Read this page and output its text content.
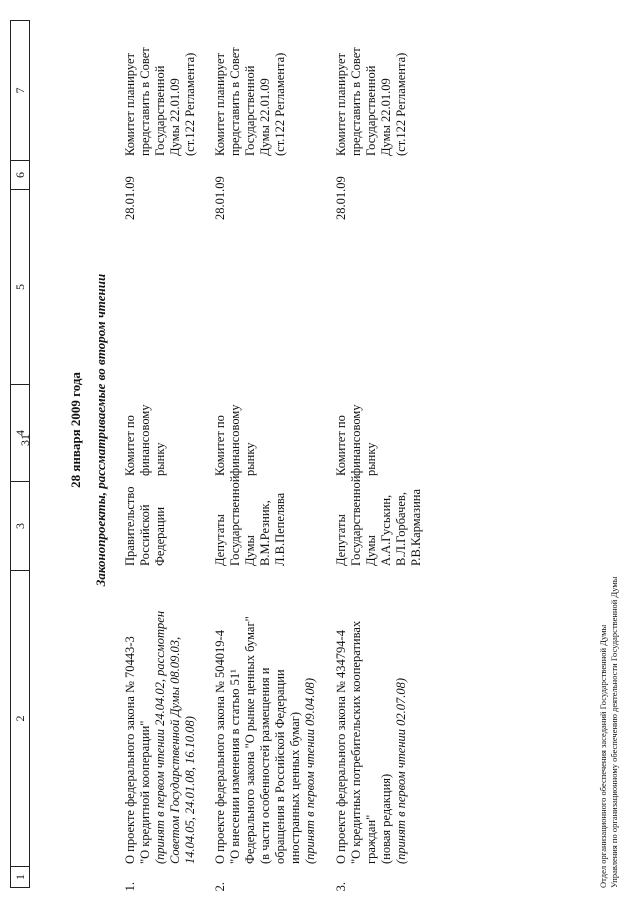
31
1
2
3
4
5
6
7
28 января 2009 года Законопроекты, рассматриваемые во втором чтении
1.
О проекте федерального закона № 70443-3 "О кредитной кооперации" (принят в первом чтении 24.04.02, рассмотрен Советом Государственной Думы 08.09.03, 14.04.05, 24.01.08, 16.10.08)
Правительство Российской Федерации
Комитет по финансовому рынку
28.01.09
Комитет планирует представить в Совет Государственной Думы 22.01.09 (ст.122 Регламента)
2.
О проекте федерального закона № 504019-4 "О внесении изменения в статью 51¹ Федерального закона "О рынке ценных бумаг" (в части особенностей размещения и обращения в Российской Федерации иностранных ценных бумаг) (принят в первом чтении 09.04.08)
Депутаты Государственной Думы В.М.Резник, Л.В.Пепелява
Комитет по финансовому рынку
28.01.09
Комитет планирует представить в Совет Государственной Думы 22.01.09 (ст.122 Регламента)
3.
О проекте федерального закона № 434794-4 "О кредитных потребительских кооперативах граждан" (новая редакция) (принят в первом чтении 02.07.08)
Депутаты Государственной Думы А.А.Гуськин, В.Л.Горбачев, Р.В.Кармазина
Комитет по финансовому рынку
28.01.09
Комитет планирует представить в Совет Государственной Думы 22.01.09 (ст.122 Регламента)
Отдел организационного обеспечения заседаний Государственной Думы Управления по организационному обеспечению деятельности Государственной Думы
